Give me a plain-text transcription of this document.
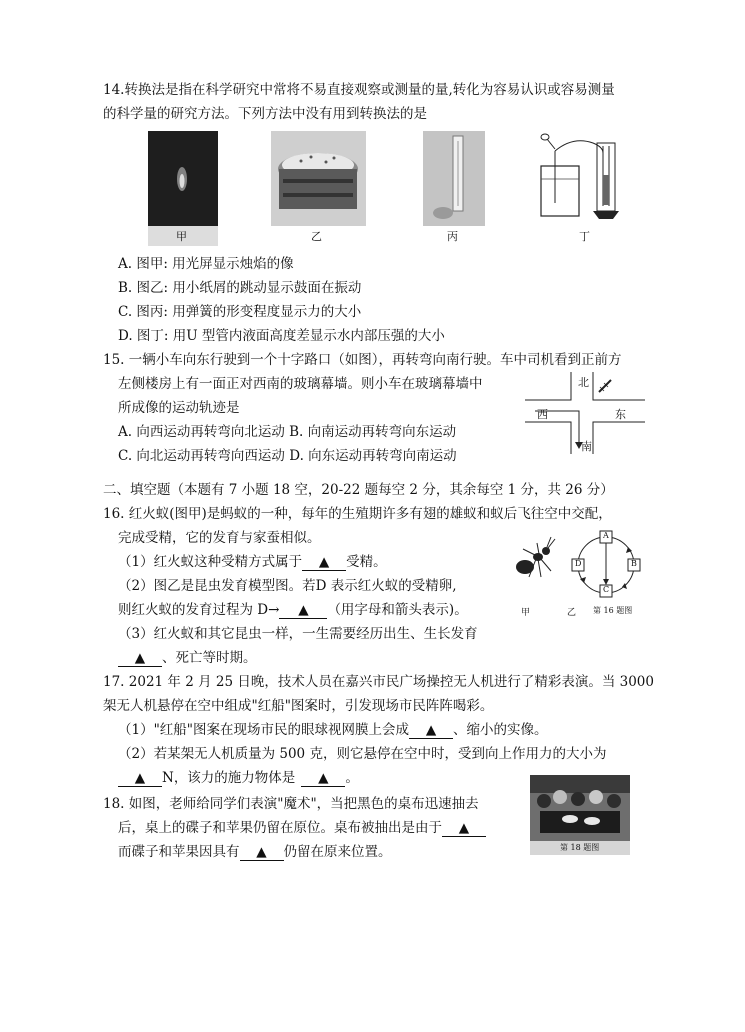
14.转换法是指在科学研究中常将不易直接观察或测量的量,转化为容易认识或容易测量
的科学量的研究方法。下列方法中没有用到转换法的是
甲	乙	丙	丁
A. 图甲: 用光屏显示烛焰的像
B. 图乙: 用小纸屑的跳动显示鼓面在振动
C. 图丙: 用弹簧的形变程度显示力的大小
D. 图丁: 用U 型管内液面高度差显示水内部压强的大小
15. 一辆小车向东行驶到一个十字路口（如图），再转弯向南行驶。车中司机看到正前方
左侧楼房上有一面正对西南的玻璃幕墙。则小车在玻璃幕墙中
所成像的运动轨迹是
A. 向西运动再转弯向北运动 B. 向南运动再转弯向东运动
C. 向北运动再转弯向西运动 D. 向东运动再转弯向南运动
北
西	东
南
二、填空题（本题有 7 小题 18 空，20-22 题每空 2 分，其余每空 1 分，共 26 分）
16. 红火蚁(图甲)是蚂蚁的一种，每年的生殖期许多有翅的雄蚁和蚁后飞往空中交配，
完成受精，它的发育与家蚕相似。
（1）红火蚁这种受精方式属于 ▲ 受精。
（2）图乙是昆虫发育模型图。若D 表示红火蚁的受精卵,
则红火蚁的发育过程为 D→ ▲ （用字母和箭头表示)。
（3）红火蚁和其它昆虫一样，一生需要经历出生、生长发育
▲ 、死亡等时期。
A
B
C
D
甲	乙 第 16 题图
17. 2021 年 2 月 25 日晚，技术人员在嘉兴市民广场操控无人机进行了精彩表演。当 3000
架无人机悬停在空中组成"红船"图案时，引发现场市民阵阵喝彩。
（1）"红船"图案在现场市民的眼球视网膜上会成 ▲ 、缩小的实像。
（2）若某架无人机质量为 500 克，则它悬停在空中时，受到向上作用力的大小为
▲ N，该力的施力物体是 ▲ 。
18. 如图，老师给同学们表演"魔术"，当把黑色的桌布迅速抽去
后，桌上的碟子和苹果仍留在原位。桌布被抽出是由于 ▲
而碟子和苹果因具有 ▲ 仍留在原来位置。	第 18 题图
